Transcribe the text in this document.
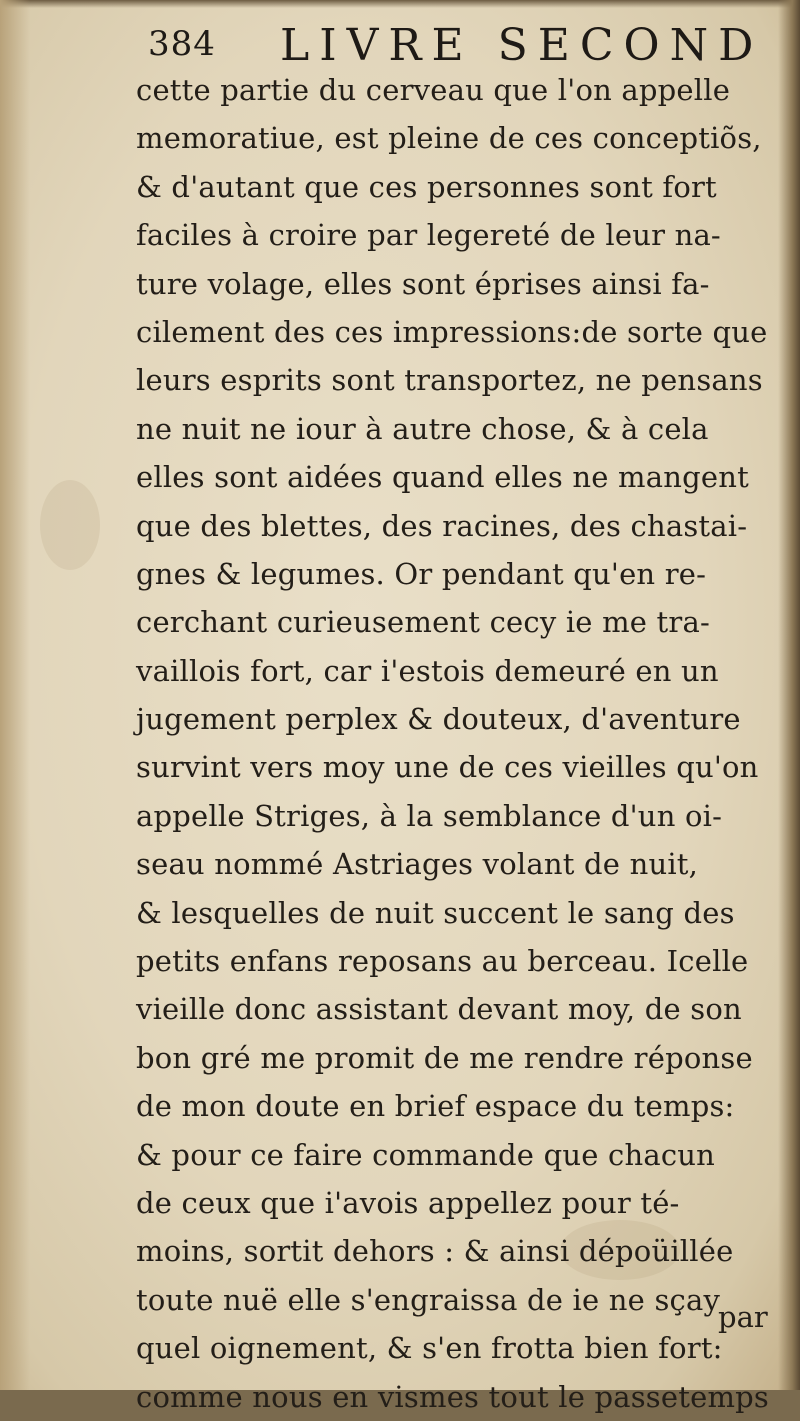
384 LIVRE SECOND
cette partie du cerveau que l'on appelle
memoratiue, est pleine de ces conceptiõs,
& d'autant que ces personnes sont fort
faciles à croire par legereté de leur na-
ture volage, elles sont éprises ainsi fa-
cilement des ces impressions:de sorte que
leurs esprits sont transportez, ne pensans
ne nuit ne iour à autre chose, & à cela
elles sont aidées quand elles ne mangent
que des blettes, des racines, des chastai-
gnes & legumes. Or pendant qu'en re-
cerchant curieusement cecy ie me tra-
vaillois fort, car i'estois demeuré en un
jugement perplex & douteux, d'aventure
survint vers moy une de ces vieilles qu'on
appelle Striges, à la semblance d'un oi-
seau nommé Astriages volant de nuit,
& lesquelles de nuit succent le sang des
petits enfans reposans au berceau. Icelle
vieille donc assistant devant moy, de son
bon gré me promit de me rendre réponse
de mon doute en brief espace du temps:
& pour ce faire commande que chacun
de ceux que i'avois appellez pour té-
moins, sortit dehors : & ainsi dépoüillée
toute nuë elle s'engraissa de ie ne sçay
quel oignement, & s'en frotta bien fort:
comme nous en vismes tout le passetemps
par
